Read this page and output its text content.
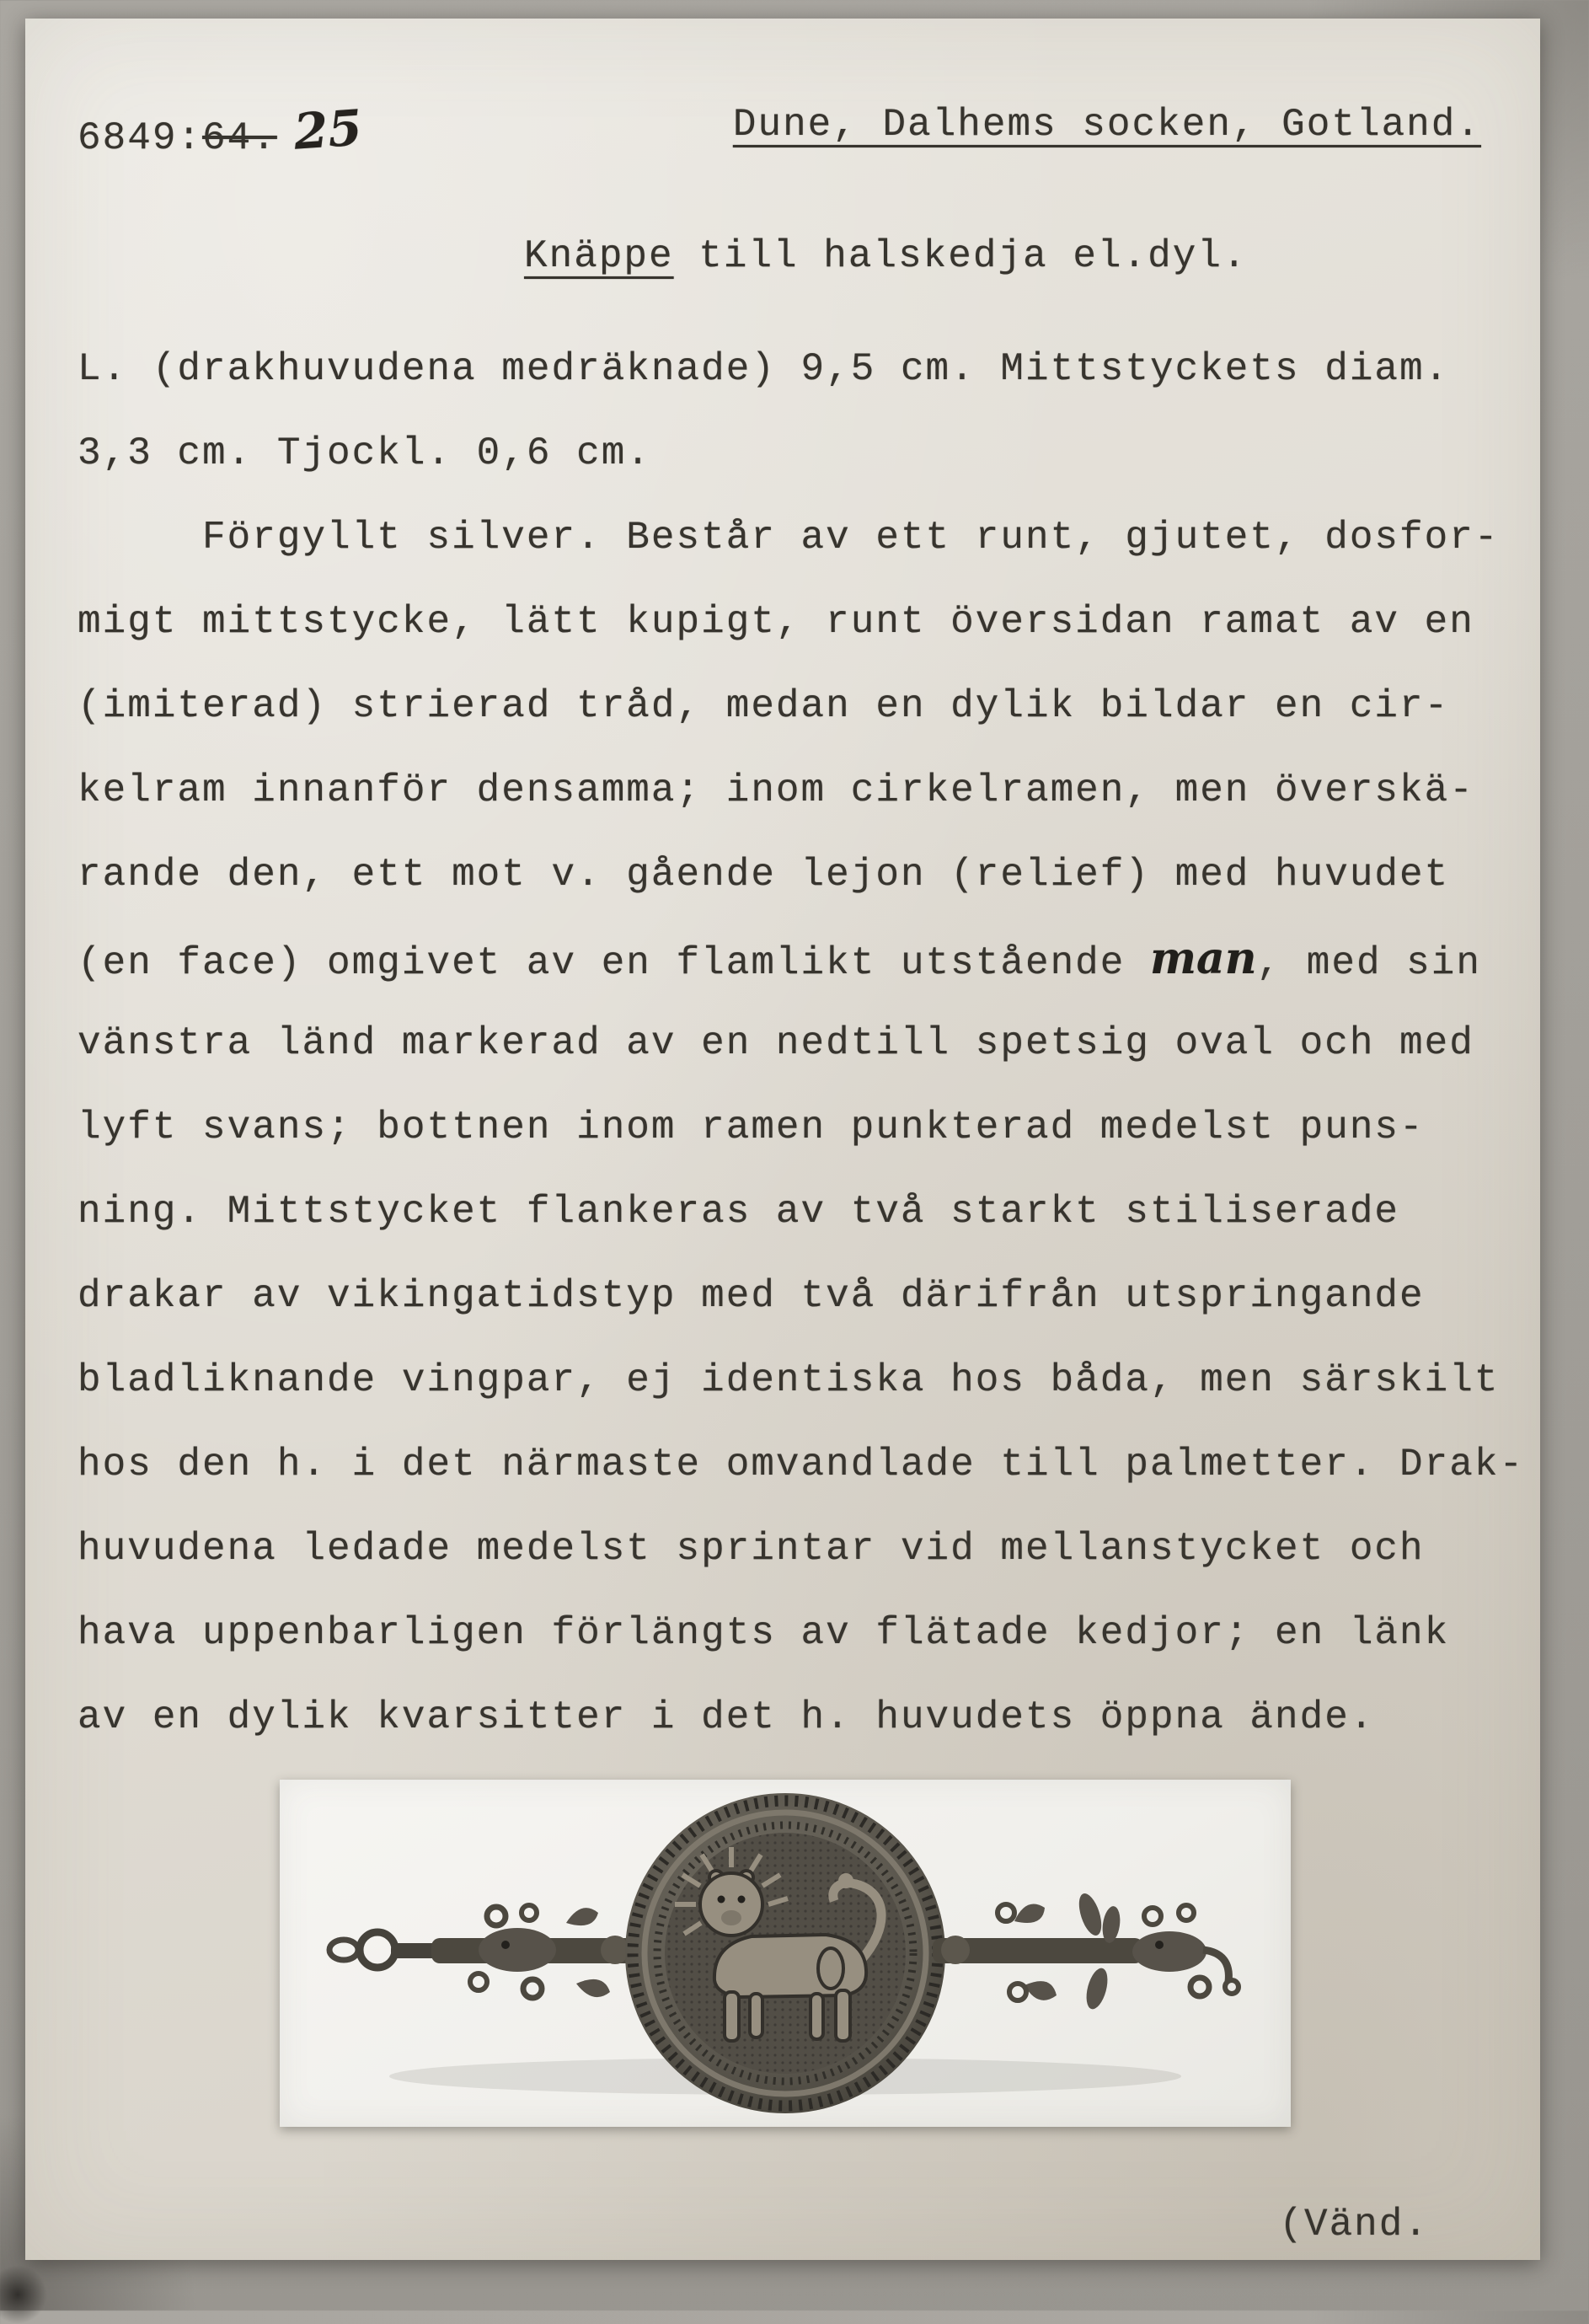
6849:64. 25	Dune, Dalhems socken, Gotland.
Knäppe till halskedja el.dyl.
L. (drakhuvudena medräknade) 9,5 cm. Mittstyckets diam.
3,3 cm. Tjockl. 0,6 cm.
Förgyllt silver. Består av ett runt, gjutet, dosfor-
migt mittstycke, lätt kupigt, runt översidan ramat av en
(imiterad) strierad tråd, medan en dylik bildar en cir-
kelram innanför densamma; inom cirkelramen, men överskä-
rande den, ett mot v. gående lejon (relief) med huvudet
(en face) omgivet av en flamlikt utstående man, med sin
vänstra länd markerad av en nedtill spetsig oval och med
lyft svans; bottnen inom ramen punkterad medelst puns-
ning. Mittstycket flankeras av två starkt stiliserade
drakar av vikingatidstyp med två därifrån utspringande
bladliknande vingpar, ej identiska hos båda, men särskilt
hos den h. i det närmaste omvandlade till palmetter. Drak-
huvudena ledade medelst sprintar vid mellanstycket och
hava uppenbarligen förlängts av flätade kedjor; en länk
av en dylik kvarsitter i det h. huvudets öppna ände.
(Vänd.
